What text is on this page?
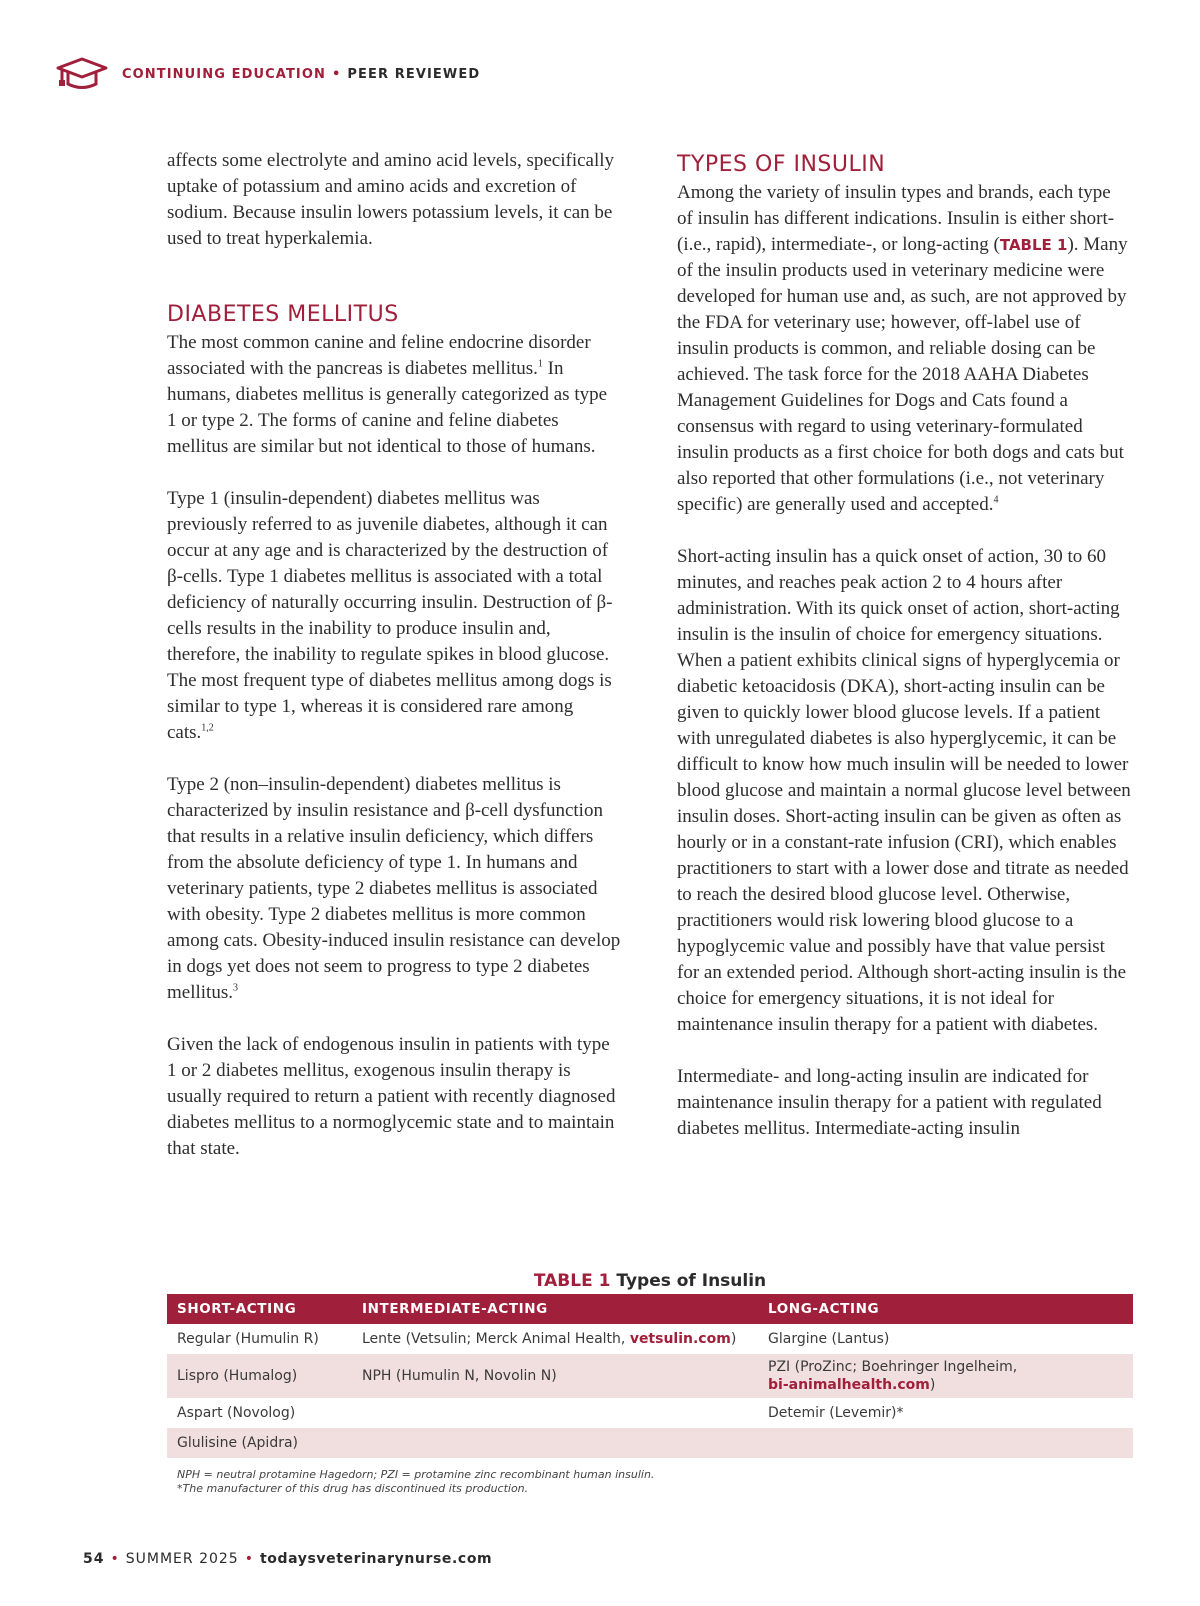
CONTINUING EDUCATION • PEER REVIEWED

affects some electrolyte and amino acid levels, specifically uptake of potassium and amino acids and excretion of sodium. Because insulin lowers potassium levels, it can be used to treat hyperkalemia.

DIABETES MELLITUS

The most common canine and feline endocrine disorder associated with the pancreas is diabetes mellitus.$^1$ In humans, diabetes mellitus is generally categorized as type 1 or type 2. The forms of canine and feline diabetes mellitus are similar but not identical to those of humans.

Type 1 (insulin-dependent) diabetes mellitus was previously referred to as juvenile diabetes, although it can occur at any age and is characterized by the destruction of β-cells. Type 1 diabetes mellitus is associated with a total deficiency of naturally occurring insulin. Destruction of β-cells results in the inability to produce insulin and, therefore, the inability to regulate spikes in blood glucose. The most frequent type of diabetes mellitus among dogs is similar to type 1, whereas it is considered rare among cats.$^{1,2}$

Type 2 (non–insulin-dependent) diabetes mellitus is characterized by insulin resistance and β-cell dysfunction that results in a relative insulin deficiency, which differs from the absolute deficiency of type 1. In humans and veterinary patients, type 2 diabetes mellitus is associated with obesity. Type 2 diabetes mellitus is more common among cats. Obesity-induced insulin resistance can develop in dogs yet does not seem to progress to type 2 diabetes mellitus.$^3$

Given the lack of endogenous insulin in patients with type 1 or 2 diabetes mellitus, exogenous insulin therapy is usually required to return a patient with recently diagnosed diabetes mellitus to a normoglycemic state and to maintain that state.

TYPES OF INSULIN

Among the variety of insulin types and brands, each type of insulin has different indications. Insulin is either short- (i.e., rapid), intermediate-, or long-acting (TABLE 1). Many of the insulin products used in veterinary medicine were developed for human use and, as such, are not approved by the FDA for veterinary use; however, off-label use of insulin products is common, and reliable dosing can be achieved. The task force for the 2018 AAHA Diabetes Management Guidelines for Dogs and Cats found a consensus with regard to using veterinary-formulated insulin products as a first choice for both dogs and cats but also reported that other formulations (i.e., not veterinary specific) are generally used and accepted.$^4$

Short-acting insulin has a quick onset of action, 30 to 60 minutes, and reaches peak action 2 to 4 hours after administration. With its quick onset of action, short-acting insulin is the insulin of choice for emergency situations. When a patient exhibits clinical signs of hyperglycemia or diabetic ketoacidosis (DKA), short-acting insulin can be given to quickly lower blood glucose levels. If a patient with unregulated diabetes is also hyperglycemic, it can be difficult to know how much insulin will be needed to lower blood glucose and maintain a normal glucose level between insulin doses. Short-acting insulin can be given as often as hourly or in a constant-rate infusion (CRI), which enables practitioners to start with a lower dose and titrate as needed to reach the desired blood glucose level. Otherwise, practitioners would risk lowering blood glucose to a hypoglycemic value and possibly have that value persist for an extended period. Although short-acting insulin is the choice for emergency situations, it is not ideal for maintenance insulin therapy for a patient with diabetes.

Intermediate- and long-acting insulin are indicated for maintenance insulin therapy for a patient with regulated diabetes mellitus. Intermediate-acting insulin

TABLE 1 Types of Insulin
SHORT-ACTING	INTERMEDIATE-ACTING	LONG-ACTING
Regular (Humulin R)	Lente (Vetsulin; Merck Animal Health, vetsulin.com)	Glargine (Lantus)
Lispro (Humalog)	NPH (Humulin N, Novolin N)	PZI (ProZinc; Boehringer Ingelheim,
bi-animalhealth.com)
Aspart (Novolog)		Detemir (Levemir)*
Glulisine (Apidra)		
NPH = neutral protamine Hagedorn; PZI = protamine zinc recombinant human insulin.
*The manufacturer of this drug has discontinued its production.
54 • SUMMER 2025 • todaysveterinarynurse.com
